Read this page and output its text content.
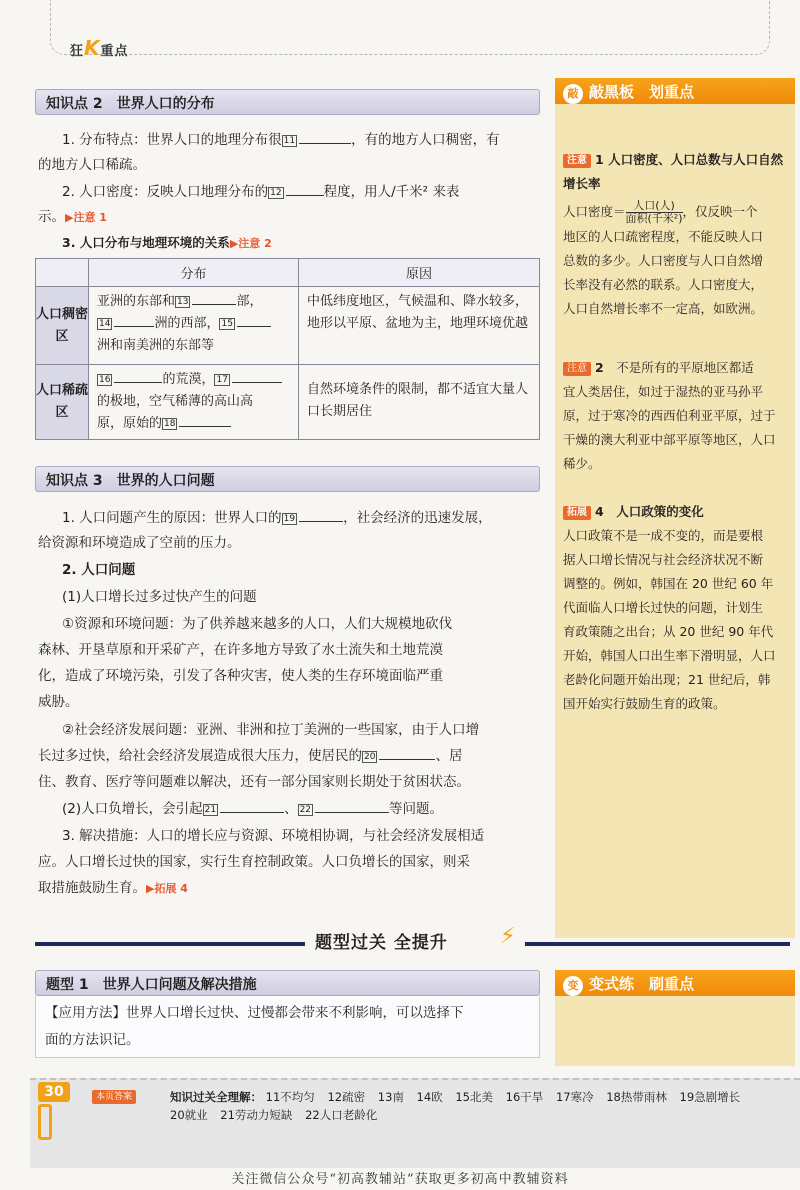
狂K重点
知识点 2　世界人口的分布
1. 分布特点：世界人口的地理分布很 11	，有的地方人口稠密，有
的地方人口稀疏。
2. 人口密度：反映人口地理分布的 12	程度，用人/千米² 来表
示。▶注意 1
3. 人口分布与地理环境的关系▶注意 2
	分布	原因
人口稠密区	亚洲的东部和 13 部，
14 洲的西部， 15
洲和南美洲的东部等	中低纬度地区，气候温和、降水较多，地形以平原、盆地为主，地理环境优越
人口稀疏区	16 的荒漠， 17
的极地，空气稀薄的高山高
原，原始的 18	自然环境条件的限制，都不适宜大量人口长期居住
知识点 3　世界的人口问题
1. 人口问题产生的原因：世界人口的 19	，社会经济的迅速发展，
给资源和环境造成了空前的压力。
2. 人口问题
(1)人口增长过多过快产生的问题
①资源和环境问题：为了供养越来越多的人口，人们大规模地砍伐
森林、开垦草原和开采矿产，在许多地方导致了水土流失和土地荒漠
化，造成了环境污染，引发了各种灾害，使人类的生存环境面临严重
威胁。
②社会经济发展问题：亚洲、非洲和拉丁美洲的一些国家，由于人口增
长过多过快，给社会经济发展造成很大压力，使居民的 20	、居
住、教育、医疗等问题难以解决，还有一部分国家则长期处于贫困状态。
(2)人口负增长，会引起 21	、 22	等问题。
3. 解决措施：人口的增长应与资源、环境相协调，与社会经济发展相适
应。人口增长过快的国家，实行生育控制政策。人口负增长的国家，则采
取措施鼓励生育。▶拓展 4
敲 敲黑板　划重点
注意 1 人口密度、人口总数与人口自然增长率
人口密度＝ $\frac{\text{人口(人)}}{\text{面积(千米²)}}$，仅反映一个
地区的人口疏密程度，不能反映人口
总数的多少。人口密度与人口自然增
长率没有必然的联系。人口密度大，
人口自然增长率不一定高，如欧洲。
注意 2　 不是所有的平原地区都适
宜人类居住，如过于湿热的亚马孙平
原，过于寒冷的西西伯利亚平原，过于
干燥的澳大利亚中部平原等地区，人口
稀少。
拓展 4　 人口政策的变化
人口政策不是一成不变的，而是要根
据人口增长情况与社会经济状况不断
调整的。例如，韩国在 20 世纪 60 年
代面临人口增长过快的问题，计划生
育政策随之出台；从 20 世纪 90 年代
开始，韩国人口出生率下滑明显，人口
老龄化问题开始出现；21 世纪后，韩
国开始实行鼓励生育的政策。
题型过关 全提升 ⚡
题型 1　世界人口问题及解决措施
【应用方法】世界人口增长过快、过慢都会带来不利影响，可以选择下
面的方法识记。
变 变式练　刷重点
30	本页答案	知识过关全理解： 11不均匀 12疏密 13南 14欧 15北美 16干旱 17寒冷 18热带雨林 19急剧增长 20就业 21劳动力短缺 22人口老龄化
关注微信公众号“初高教辅站”获取更多初高中教辅资料
